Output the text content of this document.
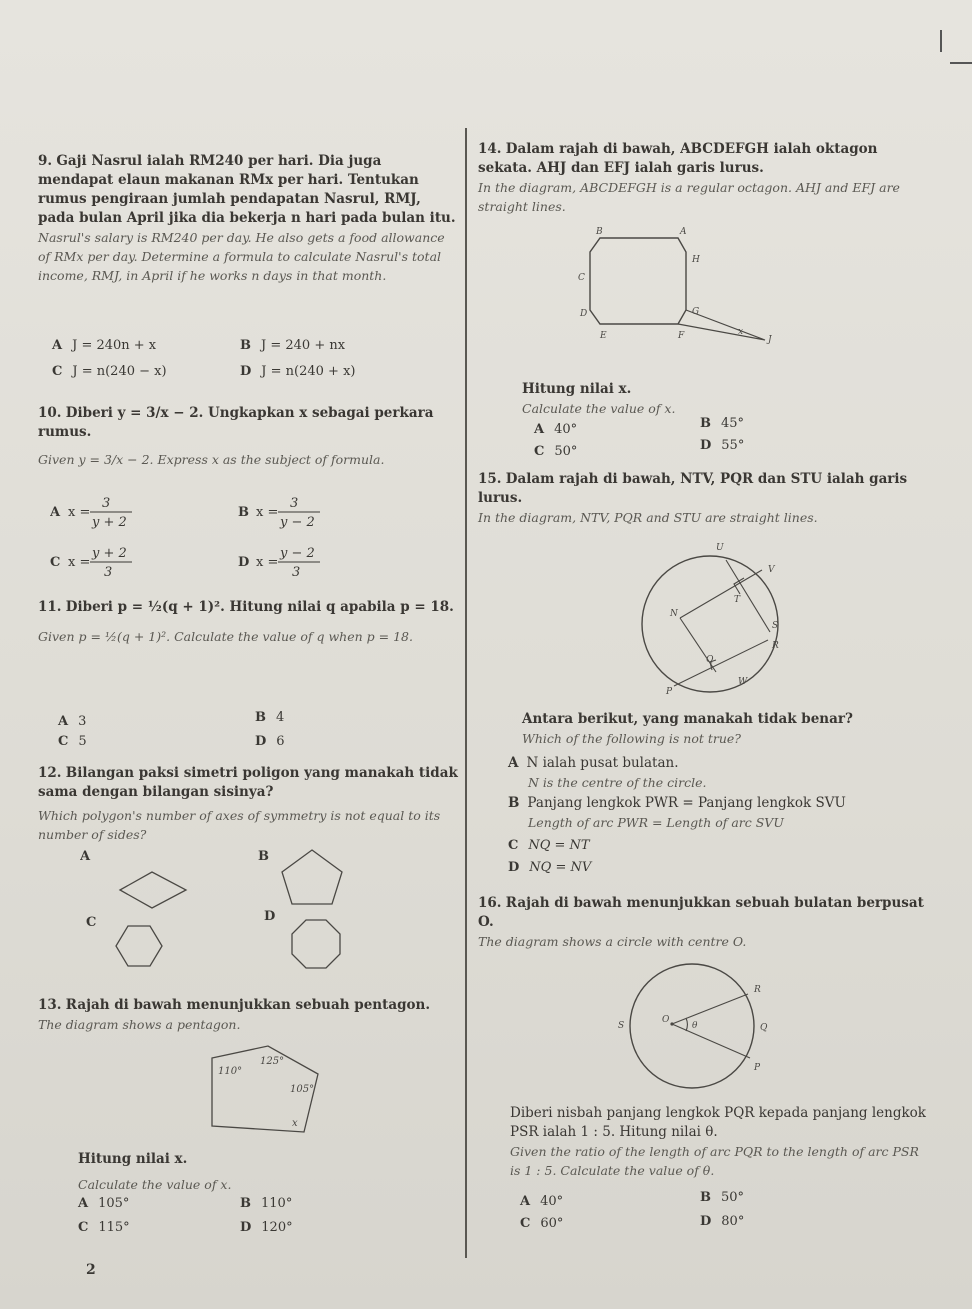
9. Gaji Nasrul ialah RM240 per hari. Dia juga mendapat elaun makanan RMx per hari. Tentukan rumus pengiraan jumlah pendapatan Nasrul, RMJ, pada bulan April jika dia bekerja n hari pada bulan itu.
Nasrul's salary is RM240 per day. He also gets a food allowance of RMx per day. Determine a formula to calculate Nasrul's total income, RMJ, in April if he works n days in that month.
A J = 240n + x	B J = 240 + nx
C J = n(240 − x)	D J = n(240 + x)
10. Diberi y = 3/x − 2. Ungkapkan x sebagai perkara rumus.
Given y = 3/x − 2. Express x as the subject of formula.
A x =
3
y + 2
B x =
3
y − 2
C x =
y + 2
3
D x =
y − 2
3
11. Diberi p = ½(q + 1)². Hitung nilai q apabila p = 18.
Given p = ½(q + 1)². Calculate the value of q when p = 18.
A 3	B 4
C 5	D 6
12. Bilangan paksi simetri poligon yang manakah tidak sama dengan bilangan sisinya?
Which polygon's number of axes of symmetry is not equal to its number of sides?
A	B
C	D
13. Rajah di bawah menunjukkan sebuah pentagon.
The diagram shows a pentagon.
110°
125°
105°
x
Hitung nilai x.
Calculate the value of x.
A 105°	B 110°
C 115°	D 120°
2
14. Dalam rajah di bawah, ABCDEFGH ialah oktagon sekata. AHJ dan EFJ ialah garis lurus.
In the diagram, ABCDEFGH is a regular octagon. AHJ and EFJ are straight lines.
B	A
H
C
D	G
x
J
E	F
Hitung nilai x.
Calculate the value of x.
A 40°	B 45°
C 50°	D 55°
15. Dalam rajah di bawah, NTV, PQR dan STU ialah garis lurus.
In the diagram, NTV, PQR and STU are straight lines.
U
V
N
T
S
R
Q
P
W
Antara berikut, yang manakah tidak benar?
Which of the following is not true?
A N ialah pusat bulatan.
N is the centre of the circle.
B Panjang lengkok PWR = Panjang lengkok SVU
Length of arc PWR = Length of arc SVU
C NQ = NT
D NQ = NV
16. Rajah di bawah menunjukkan sebuah bulatan berpusat O.
The diagram shows a circle with centre O.
R
S
O
θ	Q
P
Diberi nisbah panjang lengkok PQR kepada panjang lengkok PSR ialah 1 : 5. Hitung nilai θ.
Given the ratio of the length of arc PQR to the length of arc PSR is 1 : 5. Calculate the value of θ.
A 40°	B 50°
C 60°	D 80°
